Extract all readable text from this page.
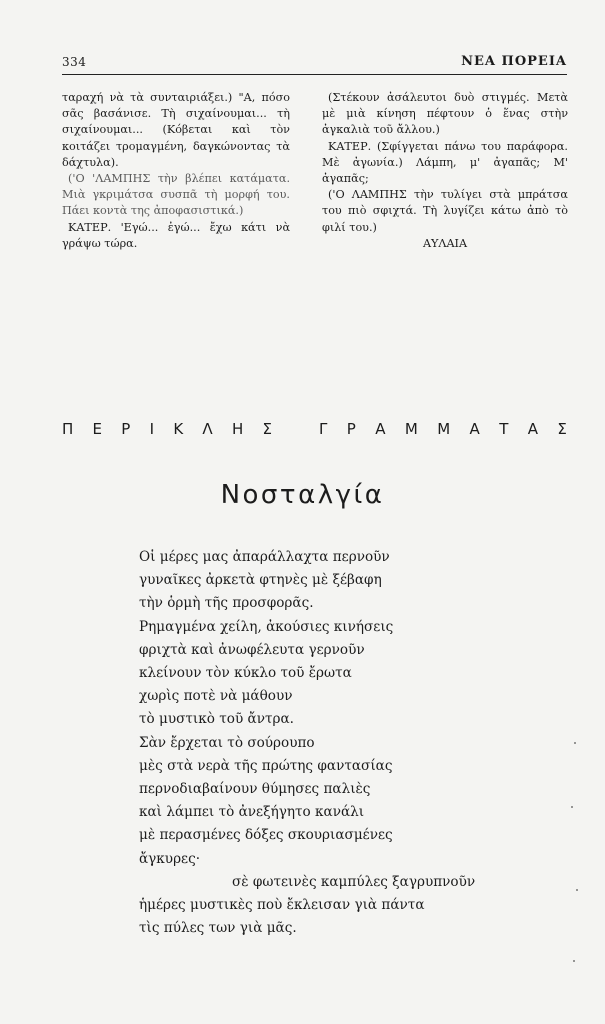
334	ΝΕΑ ΠΟΡΕΙΑ

ταραχή νὰ τὰ συνταιριάξει.) "Α, πόσο σᾶς βασάνισε. Τὴ σιχαίνουμαι... τὴ σιχαίνουμαι... (Κόβεται καὶ τὸν κοιτάζει τρομαγμένη, δαγκώνοντας τὰ δάχτυλα).

('Ο 'ΛΑΜΠΗΣ τὴν βλέπει κατάματα. Μιὰ γκριμάτσα συσπᾶ τὴ μορφή του. Πάει κοντὰ της ἀποφασιστικά.)

ΚΑΤΕΡ. 'Εγώ... ἐγώ... ἔχω κάτι νὰ γράψω τώρα.

(Στέκουν ἀσάλευτοι δυὸ στιγμές. Μετὰ μὲ μιὰ κίνηση πέφτουν ὁ ἕνας στὴν ἀγκαλιὰ τοῦ ἄλλου.)

ΚΑΤΕΡ. (Σφίγγεται πάνω του παράφορα. Μὲ ἀγωνία.) Λάμπη, μ' ἀγαπᾶς; Μ' ἀγαπᾶς;

('Ο ΛΑΜΠΗΣ τὴν τυλίγει στὰ μπράτσα του πιὸ σφιχτά. Τὴ λυγίζει κάτω ἀπὸ τὸ φιλί του.)

ΑΥΛΑΙΑ

Π Ε Ρ Ι Κ Λ Η Σ	Γ Ρ Α Μ Μ Α Τ Α Σ
Νοσταλγία
Οἱ μέρες μας ἀπαράλλαχτα περνοῦν
γυναῖκες ἀρκετὰ φτηνὲς μὲ ξέβαφη
τὴν ὁρμὴ τῆς προσφορᾶς.
Ρημαγμένα χείλη, ἀκούσιες κινήσεις
φριχτὰ καὶ ἀνωφέλευτα γερνοῦν
κλείνουν τὸν κύκλο τοῦ ἔρωτα
χωρὶς ποτὲ νὰ μάθουν
τὸ μυστικὸ τοῦ ἄντρα.
Σὰν ἔρχεται τὸ σούρουπο
μὲς στὰ νερὰ τῆς πρώτης φαντασίας
περνοδιαβαίνουν θύμησες παλιὲς
καὶ λάμπει τὸ ἀνεξήγητο κανάλι
μὲ περασμένες δόξες σκουριασμένες
ἄγκυρες·
σὲ φωτεινὲς καμπύλες ξαγρυπνοῦν
ἡμέρες μυστικὲς ποὺ ἔκλεισαν γιὰ πάντα
τὶς πύλες των γιὰ μᾶς.
